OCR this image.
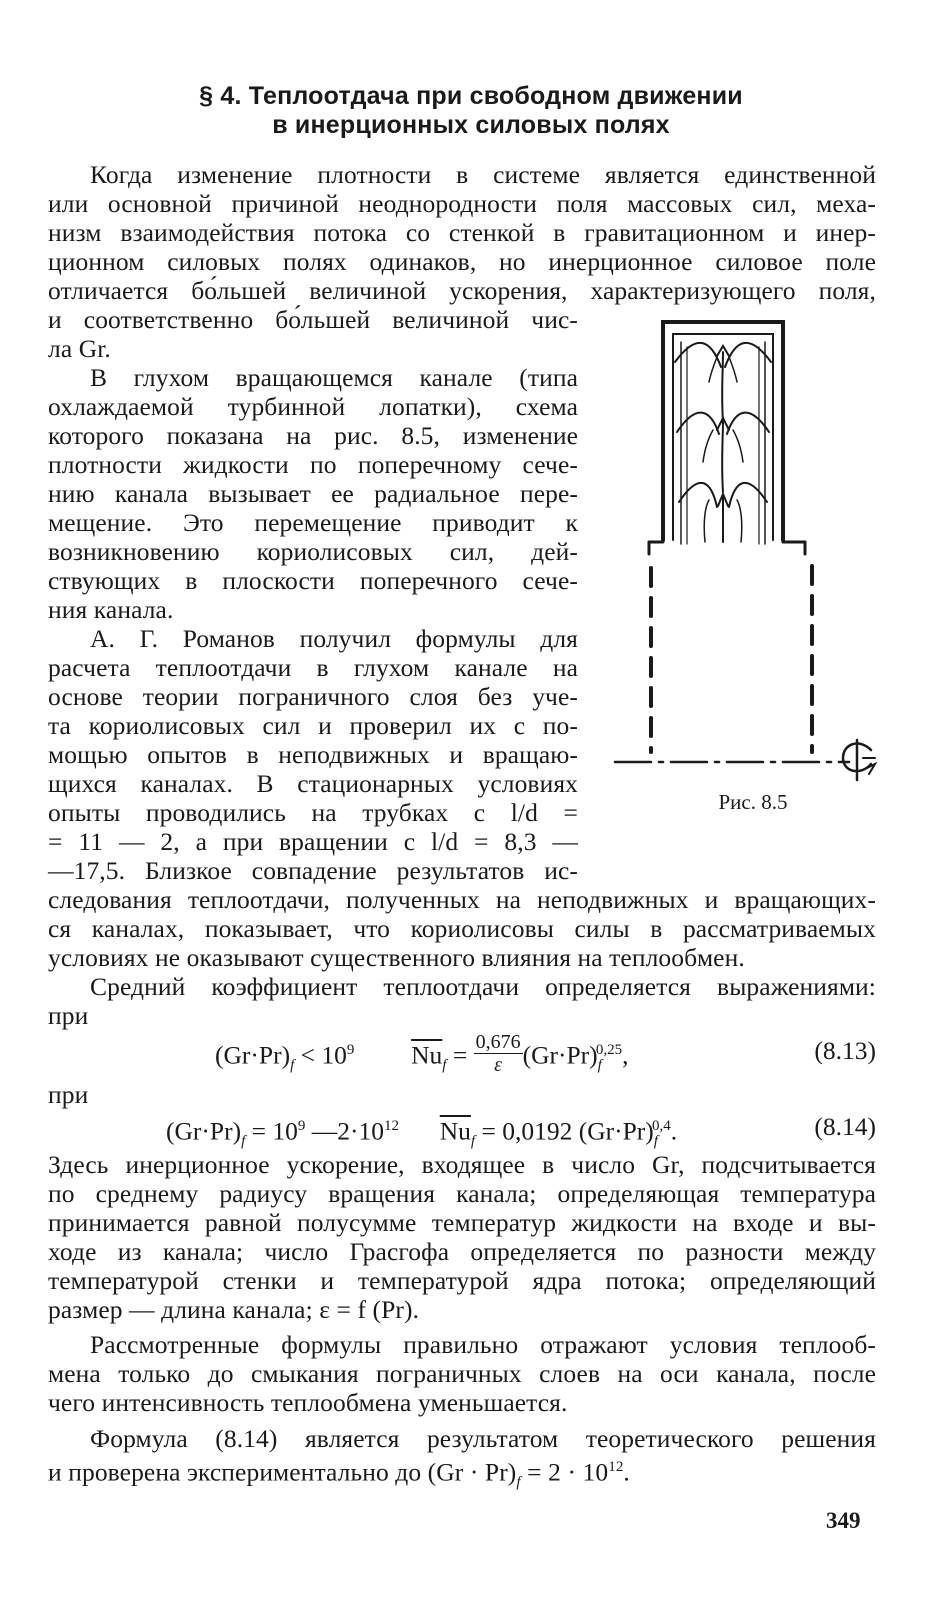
§ 4. Теплоотдача при свободном движении
в инерционных силовых полях
Когда изменение плотности в системе является единственной
или основной причиной неоднородности поля массовых сил, меха-
низм взаимодействия потока со стенкой в гравитационном и инер-
ционном силовых полях одинаков, но инерционное силовое поле
отличается бо́льшей величиной ускорения, характеризующего поля,
и соответственно бо́льшей величиной чис-
ла Gr.
В глухом вращающемся канале (типа
охлаждаемой турбинной лопатки), схема
которого показана на рис. 8.5, изменение
плотности жидкости по поперечному сече-
нию канала вызывает ее радиальное пере-
мещение. Это перемещение приводит к
возникновению кориолисовых сил, дей-
ствующих в плоскости поперечного сече-
ния канала.
А. Г. Романов получил формулы для
расчета теплоотдачи в глухом канале на
основе теории пограничного слоя без уче-
та кориолисовых сил и проверил их с по-
мощью опытов в неподвижных и вращаю-
щихся каналах. В стационарных условиях
опыты проводились на трубках с l/d =
= 11 — 2, а при вращении с l/d = 8,3 —
—17,5. Близкое совпадение результатов ис-
следования теплоотдачи, полученных на неподвижных и вращающих-
ся каналах, показывает, что кориолисовы силы в рассматриваемых
условиях не оказывают существенного влияния на теплообмен.
Средний коэффициент теплоотдачи определяется выражениями:
при
$(Gr\cdot Pr)_f < 10^9$ $\overline{Nu}_f = \frac{0,676}{\varepsilon} (Gr\cdot Pr)_f^{0,25}$,	(8.13)
при
$(Gr\cdot Pr)_f = 10^9$ $—2\cdot 10^{12}$ $\overline{Nu}_f = 0,0192$ $(Gr\cdot Pr)_f^{0,4}$.	(8.14)
Здесь инерционное ускорение, входящее в число Gr, подсчитывается
по среднему радиусу вращения канала; определяющая температура
принимается равной полусумме температур жидкости на входе и вы-
ходе из канала; число Грасгофа определяется по разности между
температурой стенки и температурой ядра потока; определяющий
размер — длина канала; ε = f (Pr).
Рассмотренные формулы правильно отражают условия теплооб-
мена только до смыкания пограничных слоев на оси канала, после
чего интенсивность теплообмена уменьшается.
Формула (8.14) является результатом теоретического решения
и проверена экспериментально до $(Gr \cdot Pr)_f = 2 \cdot 10^{12}$.
Рис. 8.5
349
